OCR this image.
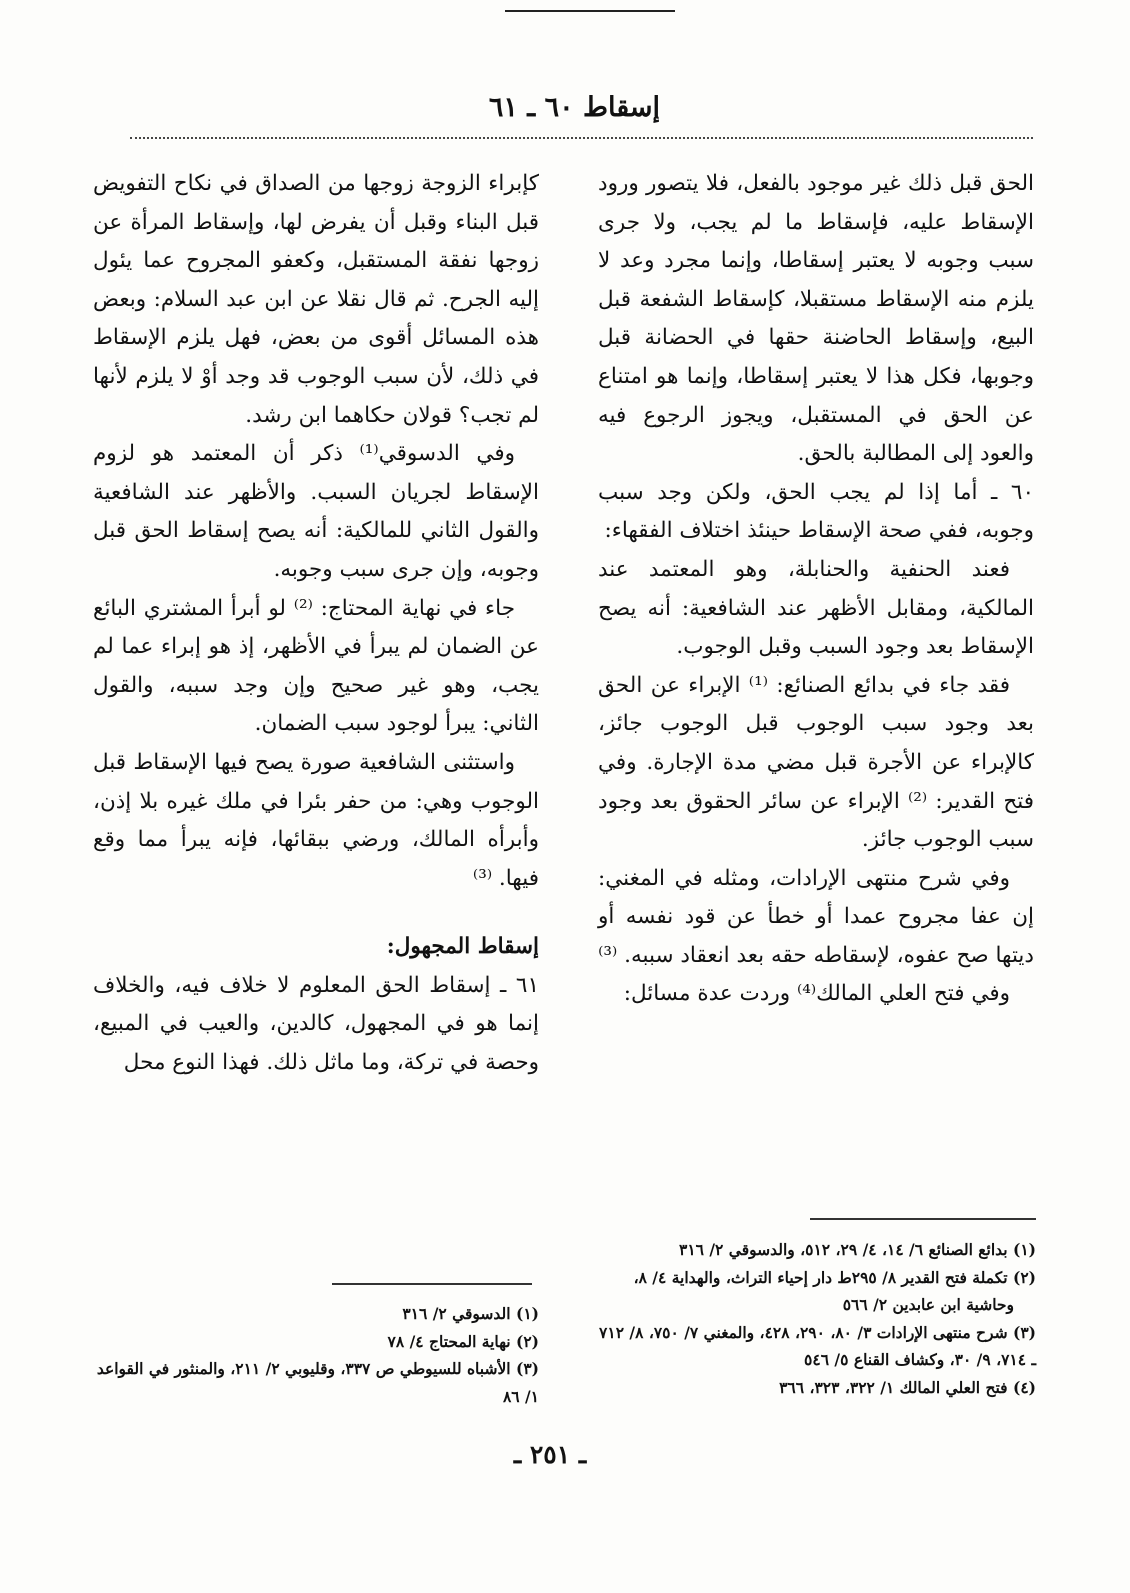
إسقاط ٦٠ ـ ٦١

الحق قبل ذلك غير موجود بالفعل، فلا يتصور ورود الإسقاط عليه، فإسقاط ما لم يجب، ولا جرى سبب وجوبه لا يعتبر إسقاطا، وإنما مجرد وعد لا يلزم منه الإسقاط مستقبلا، كإسقاط الشفعة قبل البيع، وإسقاط الحاضنة حقها في الحضانة قبل وجوبها، فكل هذا لا يعتبر إسقاطا، وإنما هو امتناع عن الحق في المستقبل، ويجوز الرجوع فيه والعود إلى المطالبة بالحق.

٦٠ ـ أما إذا لم يجب الحق، ولكن وجد سبب وجوبه، ففي صحة الإسقاط حينئذ اختلاف الفقهاء:

فعند الحنفية والحنابلة، وهو المعتمد عند المالكية، ومقابل الأظهر عند الشافعية: أنه يصح الإسقاط بعد وجود السبب وقبل الوجوب.

فقد جاء في بدائع الصنائع: ⁽¹⁾ الإبراء عن الحق بعد وجود سبب الوجوب قبل الوجوب جائز، كالإبراء عن الأجرة قبل مضي مدة الإجارة. وفي فتح القدير: ⁽²⁾ الإبراء عن سائر الحقوق بعد وجود سبب الوجوب جائز.

وفي شرح منتهى الإرادات، ومثله في المغني: إن عفا مجروح عمدا أو خطأ عن قود نفسه أو ديتها صح عفوه، لإسقاطه حقه بعد انعقاد سببه. ⁽³⁾

وفي فتح العلي المالك⁽⁴⁾ وردت عدة مسائل:

كإبراء الزوجة زوجها من الصداق في نكاح التفويض قبل البناء وقبل أن يفرض لها، وإسقاط المرأة عن زوجها نفقة المستقبل، وكعفو المجروح عما يئول إليه الجرح. ثم قال نقلا عن ابن عبد السلام: وبعض هذه المسائل أقوى من بعض، فهل يلزم الإسقاط في ذلك، لأن سبب الوجوب قد وجد أوْ لا يلزم لأنها لم تجب؟ قولان حكاهما ابن رشد.

وفي الدسوقي⁽¹⁾ ذكر أن المعتمد هو لزوم الإسقاط لجريان السبب. والأظهر عند الشافعية والقول الثاني للمالكية: أنه يصح إسقاط الحق قبل وجوبه، وإن جرى سبب وجوبه.

جاء في نهاية المحتاج: ⁽²⁾ لو أبرأ المشتري البائع عن الضمان لم يبرأ في الأظهر، إذ هو إبراء عما لم يجب، وهو غير صحيح وإن وجد سببه، والقول الثاني: يبرأ لوجود سبب الضمان.

واستثنى الشافعية صورة يصح فيها الإسقاط قبل الوجوب وهي: من حفر بئرا في ملك غيره بلا إذن، وأبرأه المالك، ورضي ببقائها، فإنه يبرأ مما وقع فيها. ⁽³⁾

إسقاط المجهول:

٦١ ـ إسقاط الحق المعلوم لا خلاف فيه، والخلاف إنما هو في المجهول، كالدين، والعيب في المبيع، وحصة في تركة، وما ماثل ذلك. فهذا النوع محل

(١) بدائع الصنائع ٦/ ١٤، ٤/ ٢٩، ٥١٢، والدسوقي ٢/ ٣١٦
(٢) تكملة فتح القدير ٨/ ٢٩٥ط دار إحياء التراث، والهداية ٤/ ٨،
وحاشية ابن عابدين ٢/ ٥٦٦
(٣) شرح منتهى الإرادات ٣/ ٨٠، ٢٩٠، ٤٢٨، والمغني ٧/ ٧٥٠، ٨/ ٧١٢ ـ ٧١٤، ٩/ ٣٠، وكشاف القناع ٥/ ٥٤٦
(٤) فتح العلي المالك ١/ ٣٢٢، ٣٢٣، ٣٦٦
(١) الدسوقي ٢/ ٣١٦
(٢) نهاية المحتاج ٤/ ٧٨
(٣) الأشباه للسيوطي ص ٣٣٧، وقليوبي ٢/ ٢١١، والمنثور في القواعد ١/ ٨٦
ـ ٢٥١ ـ
